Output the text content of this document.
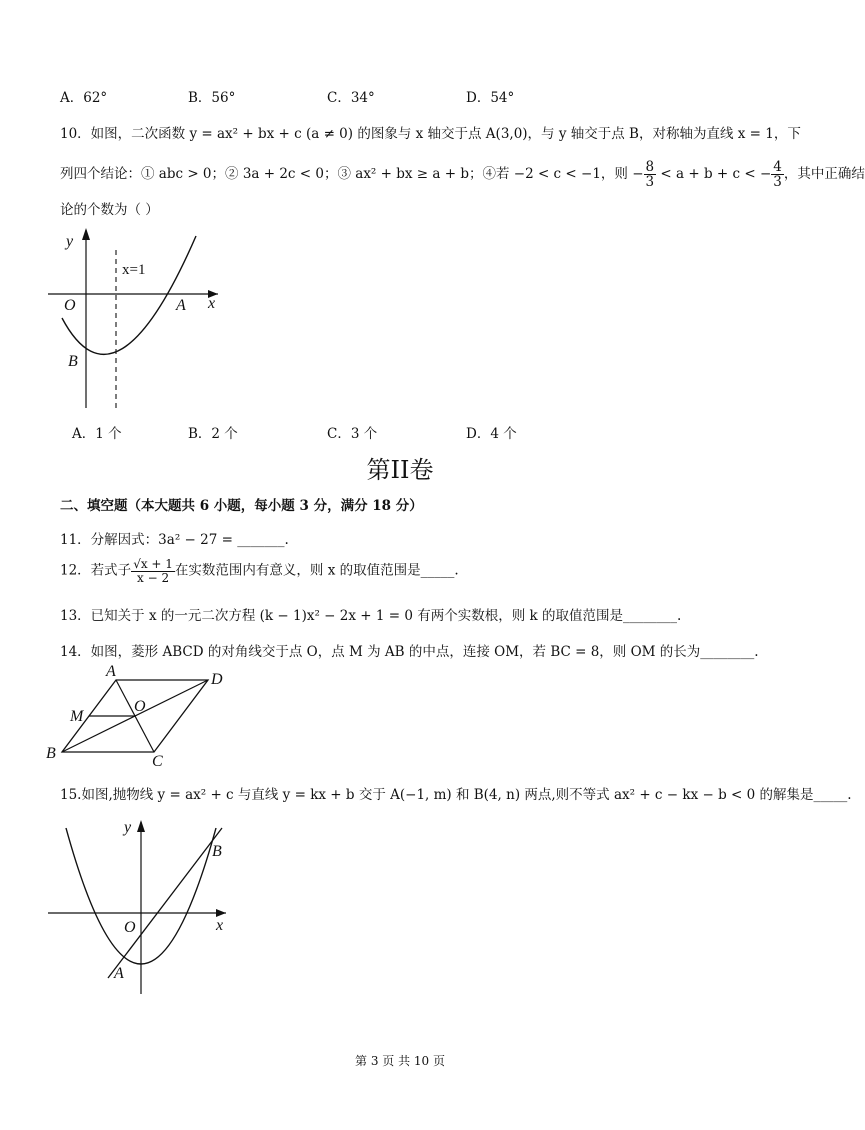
A．62°	B．56°	C．34°	D．54°
10．如图，二次函数 y = ax² + bx + c (a ≠ 0) 的图象与 x 轴交于点 A(3,0)，与 y 轴交于点 B，对称轴为直线 x = 1，下
列四个结论：① abc > 0；② 3a + 2c < 0；③ ax² + bx ≥ a + b；④若 −2 < c < −1，则 − $\frac{8}{3} < a + b + c$ < − $\frac{4}{3}$ ，其中正确结
论的个数为（ ）
y
x
O	A
B
x=1
A．1 个	B．2 个	C．3 个	D．4 个
第II卷
二、填空题（本大题共 6 小题，每小题 3 分，满分 18 分）
11．分解因式：3a² − 27 = _______.
12．若式子 $\frac{√x + 1}{x - 2}$ 在实数范围内有意义，则 x 的取值范围是_____.
13．已知关于 x 的一元二次方程 (k − 1)x² − 2x + 1 = 0 有两个实数根，则 k 的取值范围是________.
14．如图，菱形 ABCD 的对角线交于点 O，点 M 为 AB 的中点，连接 OM，若 BC = 8，则 OM 的长为________.
A	D
M
O
B	C
15.如图,抛物线 y = ax² + c 与直线 y = kx + b 交于 A(−1, m) 和 B(4, n) 两点,则不等式 ax² + c − kx − b < 0 的解集是_____.
y
x
O
B
A
第 3 页 共 10 页
